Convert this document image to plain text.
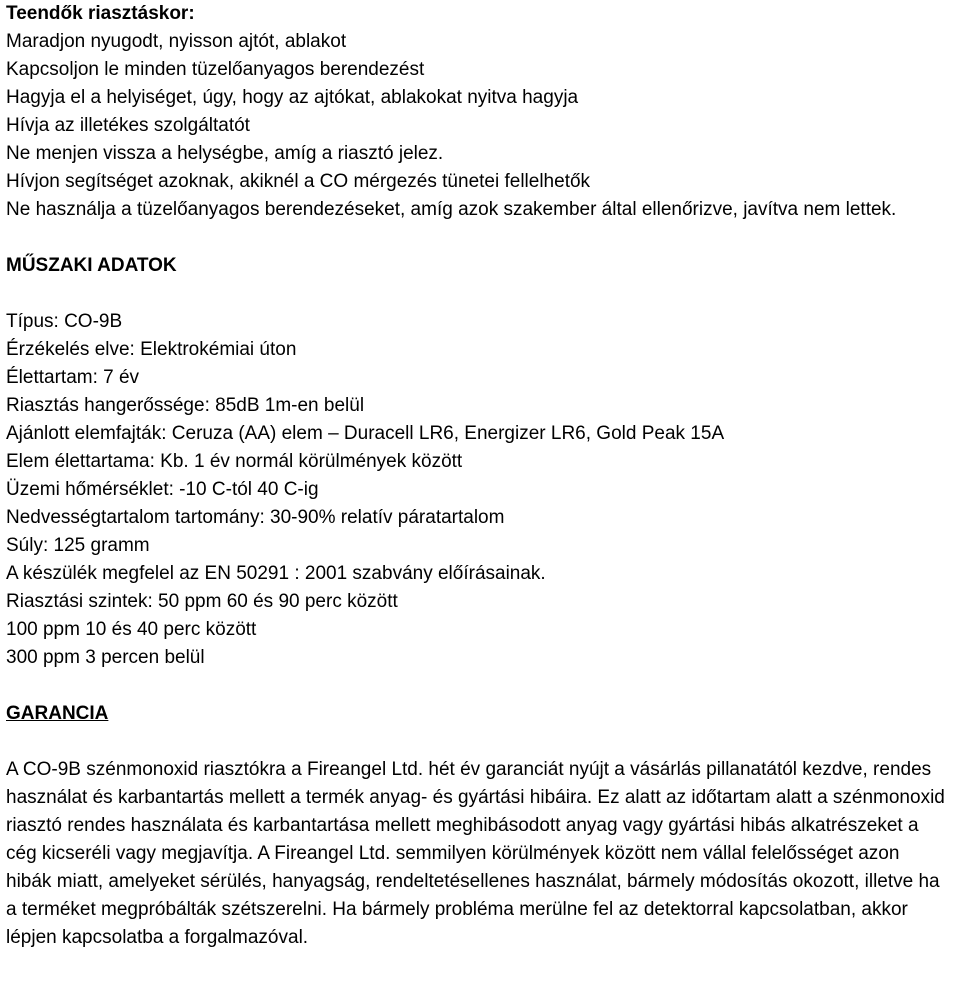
Teendők riasztáskor:

Maradjon nyugodt, nyisson ajtót, ablakot

Kapcsoljon le minden tüzelőanyagos berendezést

Hagyja el a helyiséget, úgy, hogy az ajtókat, ablakokat nyitva hagyja

Hívja az illetékes szolgáltatót

Ne menjen vissza a helységbe, amíg a riasztó jelez.

Hívjon segítséget azoknak, akiknél a CO mérgezés tünetei fellelhetők

Ne használja a tüzelőanyagos berendezéseket, amíg azok szakember által ellenőrizve, javítva nem lettek.

MŰSZAKI ADATOK

Típus: CO-9B

Érzékelés elve: Elektrokémiai úton

Élettartam: 7 év

Riasztás hangerőssége: 85dB 1m-en belül

Ajánlott elemfajták: Ceruza (AA) elem – Duracell LR6, Energizer LR6, Gold Peak 15A

Elem élettartama: Kb. 1 év normál körülmények között

Üzemi hőmérséklet: -10 C-tól 40 C-ig

Nedvességtartalom tartomány: 30-90% relatív páratartalom

Súly: 125 gramm

A készülék megfelel az EN 50291 : 2001 szabvány előírásainak.

Riasztási szintek: 50 ppm 60 és 90 perc között

100 ppm 10 és 40 perc között

300 ppm 3 percen belül

GARANCIA

A CO-9B szénmonoxid riasztókra a Fireangel Ltd. hét év garanciát nyújt a vásárlás pillanatától kezdve, rendes használat és karbantartás mellett a termék anyag- és gyártási hibáira. Ez alatt az időtartam alatt a szénmonoxid riasztó rendes használata és karbantartása mellett meghibásodott anyag vagy gyártási hibás alkatrészeket a cég kicseréli vagy megjavítja. A Fireangel Ltd. semmilyen körülmények között nem vállal felelősséget azon hibák miatt, amelyeket sérülés, hanyagság, rendeltetésellenes használat, bármely módosítás okozott, illetve ha a terméket megpróbálták szétszerelni. Ha bármely probléma merülne fel az detektorral kapcsolatban, akkor lépjen kapcsolatba a forgalmazóval.
